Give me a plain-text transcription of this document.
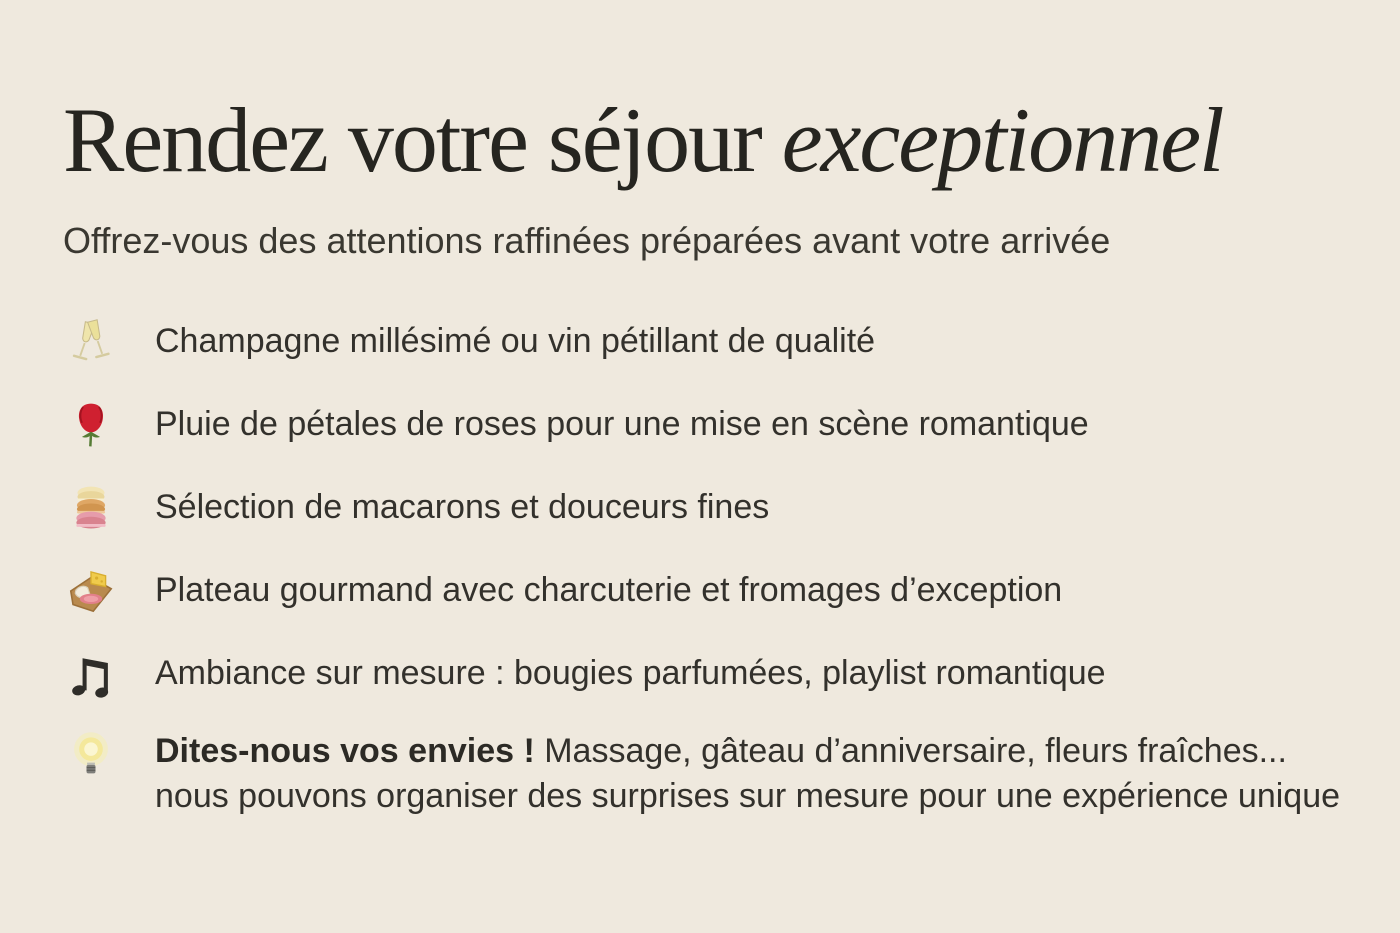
Rendez votre séjour exceptionnel

Offrez-vous des attentions raffinées préparées avant votre arrivée

Champagne millésimé ou vin pétillant de qualité

Pluie de pétales de roses pour une mise en scène romantique

Sélection de macarons et douceurs fines

Plateau gourmand avec charcuterie et fromages d’exception

Ambiance sur mesure : bougies parfumées, playlist romantique

Dites-nous vos envies ! Massage, gâteau d’anniversaire, fleurs fraîches... nous pouvons organiser des surprises sur mesure pour une expérience unique
